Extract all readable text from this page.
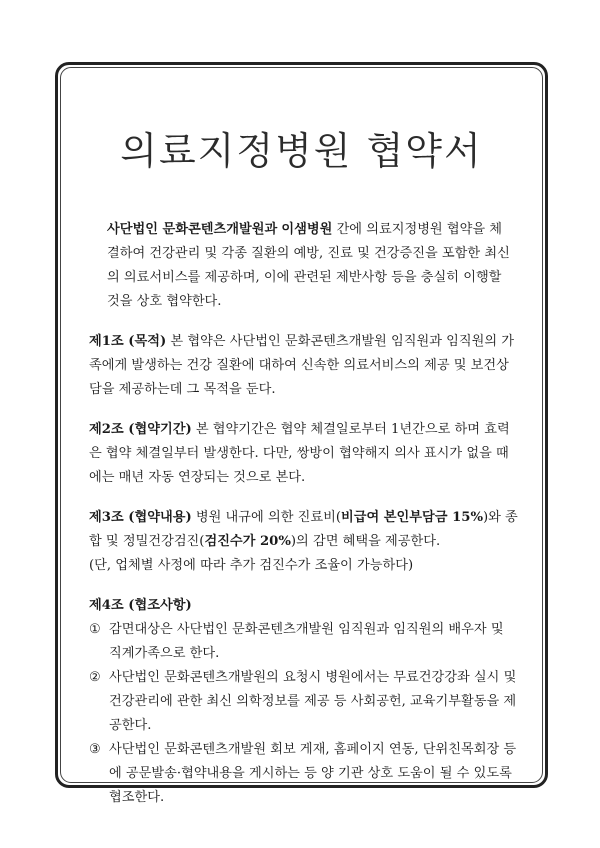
의료지정병원 협약서

사단법인 문화콘텐츠개발원과 이샘병원 간에 의료지정병원 협약을 체결하여 건강관리 및 각종 질환의 예방, 진료 및 건강증진을 포함한 최신의 의료서비스를 제공하며, 이에 관련된 제반사항 등을 충실히 이행할 것을 상호 협약한다.

제1조 (목적) 본 협약은 사단법인 문화콘텐츠개발원 임직원과 임직원의 가족에게 발생하는 건강 질환에 대하여 신속한 의료서비스의 제공 및 보건상담을 제공하는데 그 목적을 둔다.

제2조 (협약기간) 본 협약기간은 협약 체결일로부터 1년간으로 하며 효력은 협약 체결일부터 발생한다. 다만, 쌍방이 협약해지 의사 표시가 없을 때에는 매년 자동 연장되는 것으로 본다.

제3조 (협약내용) 병원 내규에 의한 진료비(비급여 본인부담금 15%)와 종합 및 정밀건강검진(검진수가 20%)의 감면 혜택을 제공한다.

(단, 업체별 사정에 따라 추가 검진수가 조율이 가능하다)

제4조 (협조사항)

① 감면대상은 사단법인 문화콘텐츠개발원 임직원과 임직원의 배우자 및 직계가족으로 한다.
② 사단법인 문화콘텐츠개발원의 요청시 병원에서는 무료건강강좌 실시 및 건강관리에 관한 최신 의학정보를 제공 등 사회공헌, 교육기부활동을 제공한다.
③ 사단법인 문화콘텐츠개발원 회보 게재, 홈페이지 연동, 단위친목회장 등에 공문발송·협약내용을 게시하는 등 양 기관 상호 도움이 될 수 있도록 협조한다.
